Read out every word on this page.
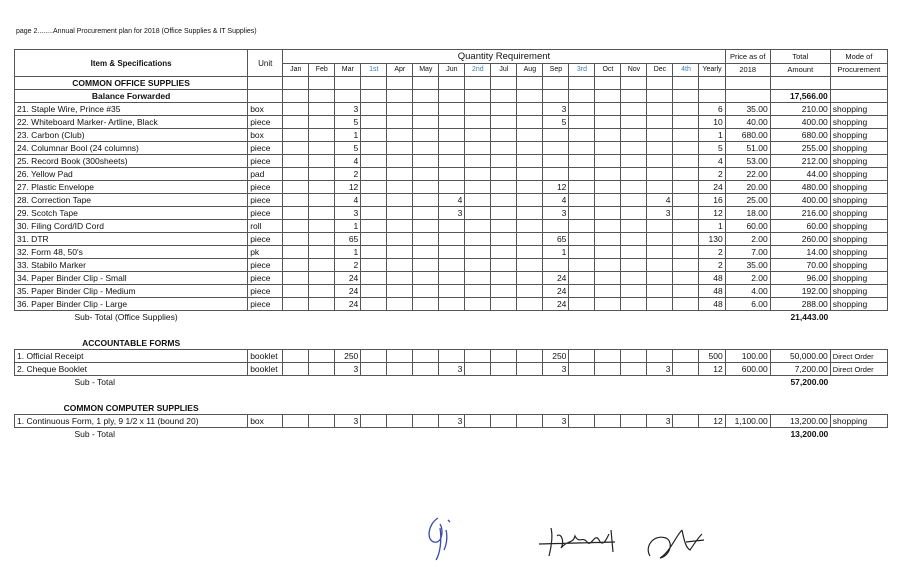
page 2........Annual Procurement plan for 2018 (Office Supplies & IT Supplies)
Item & Specifications	Unit	Quantity Requirement																	Price as of	Total	Mode of
		Jan	Feb	Mar	1st	Apr	May	Jun	2nd	Jul	Aug	Sep	3rd	Oct	Nov	Dec	4th	Yearly	2018	Amount	Procurement
COMMON OFFICE SUPPLIES																					
Balance Forwarded																				17,566.00	
21. Staple Wire, Prince #35	box			3								3						6	35.00	210.00	shopping
22. Whiteboard Marker- Artline, Black	piece			5								5						10	40.00	400.00	shopping
23. Carbon (Club)	box			1														1	680.00	680.00	shopping
24. Columnar Bool (24 columns)	piece			5														5	51.00	255.00	shopping
25. Record Book (300sheets)	piece			4														4	53.00	212.00	shopping
26. Yellow Pad	pad			2														2	22.00	44.00	shopping
27. Plastic Envelope	piece			12								12						24	20.00	480.00	shopping
28. Correction Tape	piece			4				4				4				4		16	25.00	400.00	shopping
29. Scotch Tape	piece			3				3				3				3		12	18.00	216.00	shopping
30. Filing Cord/ID Cord	roll			1														1	60.00	60.00	shopping
31. DTR	piece			65								65						130	2.00	260.00	shopping
32. Form 48, 50's	pk			1								1						2	7.00	14.00	shopping
33. Stabilo Marker	piece			2														2	35.00	70.00	shopping
34. Paper Binder Clip - Small	piece			24								24						48	2.00	96.00	shopping
35. Paper Binder Clip - Medium	piece			24								24						48	4.00	192.00	shopping
36. Paper Binder Clip - Large	piece			24								24						48	6.00	288.00	shopping
Sub- Total (Office Supplies)																				21,443.00	

ACCOUNTABLE FORMS																					
1. Official Receipt	booklet			250								250						500	100.00	50,000.00	Direct Order
2. Cheque Booklet	booklet			3				3				3				3		12	600.00	7,200.00	Direct Order
Sub - Total																				57,200.00	

COMMON COMPUTER SUPPLIES																					
1. Continuous Form, 1 ply, 9 1/2 x 11 (bound 20)	box			3				3				3				3		12	1,100.00	13,200.00	shopping
Sub - Total																				13,200.00	
